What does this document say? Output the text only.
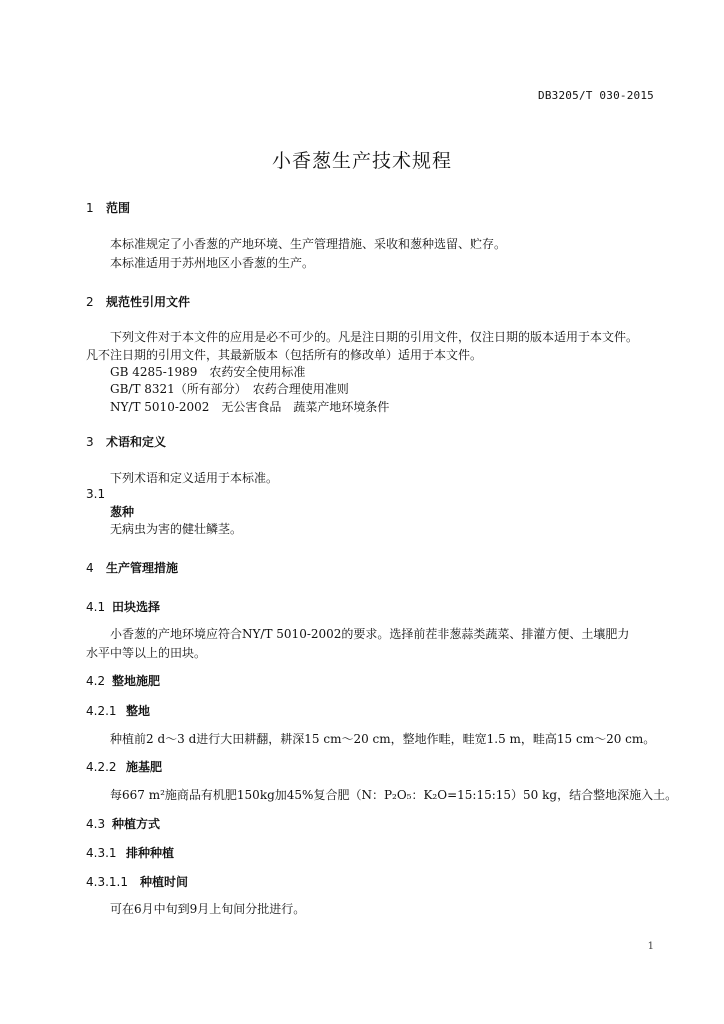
DB3205/T 030-2015
小香葱生产技术规程
1 范围
本标准规定了小香葱的产地环境、生产管理措施、采收和葱种选留、贮存。
本标准适用于苏州地区小香葱的生产。
2 规范性引用文件
下列文件对于本文件的应用是必不可少的。凡是注日期的引用文件，仅注日期的版本适用于本文件。
凡不注日期的引用文件，其最新版本（包括所有的修改单）适用于本文件。
GB 4285-1989　农药安全使用标准
GB/T 8321（所有部分）　农药合理使用准则
NY/T 5010-2002　无公害食品　蔬菜产地环境条件
3 术语和定义
下列术语和定义适用于本标准。
3.1
葱种
无病虫为害的健壮鳞茎。
4 生产管理措施
4.1 田块选择
小香葱的产地环境应符合NY/T 5010-2002的要求。选择前茬非葱蒜类蔬菜、排灌方便、土壤肥力
水平中等以上的田块。
4.2 整地施肥
4.2.1 整地
种植前2 d～3 d进行大田耕翻，耕深15 cm～20 cm，整地作畦，畦宽1.5 m，畦高15 cm～20 cm。
4.2.2 施基肥
每667 m²施商品有机肥150kg加45%复合肥（N：P₂O₅：K₂O=15:15:15）50 kg，结合整地深施入土。
4.3 种植方式
4.3.1 排种种植
4.3.1.1 种植时间
可在6月中旬到9月上旬间分批进行。
1
